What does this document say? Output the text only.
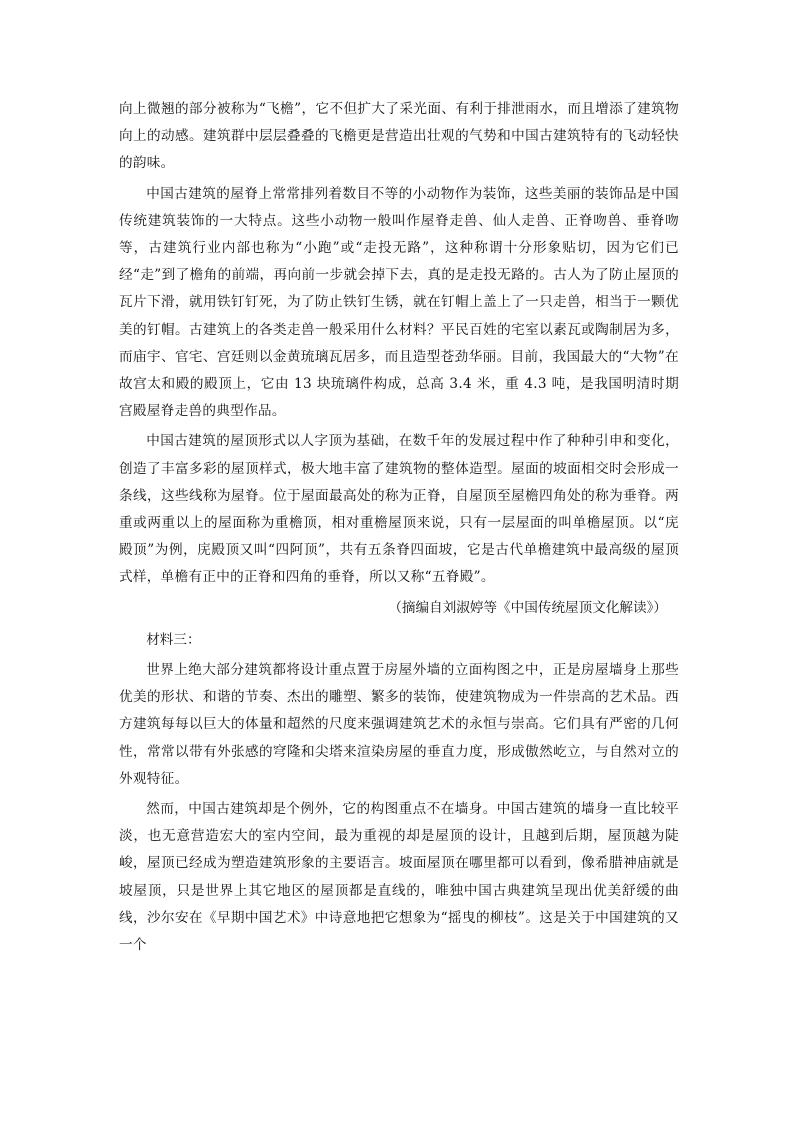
向上微翘的部分被称为“飞檐”，它不但扩大了采光面、有利于排泄雨水，而且增添了建筑物向上的动感。建筑群中层层叠叠的飞檐更是营造出壮观的气势和中国古建筑特有的飞动轻快的韵味。

中国古建筑的屋脊上常常排列着数目不等的小动物作为装饰，这些美丽的装饰品是中国传统建筑装饰的一大特点。这些小动物一般叫作屋脊走兽、仙人走兽、正脊吻兽、垂脊吻等，古建筑行业内部也称为“小跑”或“走投无路”，这种称谓十分形象贴切，因为它们已经“走”到了檐角的前端，再向前一步就会掉下去，真的是走投无路的。古人为了防止屋顶的瓦片下滑，就用铁钉钉死，为了防止铁钉生锈，就在钉帽上盖上了一只走兽，相当于一颗优美的钉帽。古建筑上的各类走兽一般采用什么材料？平民百姓的宅室以素瓦或陶制居为多，而庙宇、官宅、宫廷则以金黄琉璃瓦居多，而且造型苍劲华丽。目前，我国最大的“大物”在故宫太和殿的殿顶上，它由 13 块琉璃件构成，总高 3.4 米，重 4.3 吨，是我国明清时期宫殿屋脊走兽的典型作品。

中国古建筑的屋顶形式以人字顶为基础，在数千年的发展过程中作了种种引申和变化，创造了丰富多彩的屋顶样式，极大地丰富了建筑物的整体造型。屋面的坡面相交时会形成一条线，这些线称为屋脊。位于屋面最高处的称为正脊，自屋顶至屋檐四角处的称为垂脊。两重或两重以上的屋面称为重檐顶，相对重檐屋顶来说，只有一层屋面的叫单檐屋顶。以“庑殿顶”为例，庑殿顶又叫“四阿顶”，共有五条脊四面坡，它是古代单檐建筑中最高级的屋顶式样，单檐有正中的正脊和四角的垂脊，所以又称“五脊殿”。

（摘编自刘淑婷等《中国传统屋顶文化解读》）

材料三：

世界上绝大部分建筑都将设计重点置于房屋外墙的立面构图之中，正是房屋墙身上那些优美的形状、和谐的节奏、杰出的雕塑、繁多的装饰，使建筑物成为一件崇高的艺术品。西方建筑每每以巨大的体量和超然的尺度来强调建筑艺术的永恒与崇高。它们具有严密的几何性，常常以带有外张感的穹隆和尖塔来渲染房屋的垂直力度，形成傲然屹立，与自然对立的外观特征。

然而，中国古建筑却是个例外，它的构图重点不在墙身。中国古建筑的墙身一直比较平淡，也无意营造宏大的室内空间，最为重视的却是屋顶的设计，且越到后期，屋顶越为陡峻，屋顶已经成为塑造建筑形象的主要语言。坡面屋顶在哪里都可以看到，像希腊神庙就是坡屋顶，只是世界上其它地区的屋顶都是直线的，唯独中国古典建筑呈现出优美舒缓的曲线，沙尔安在《早期中国艺术》中诗意地把它想象为“摇曳的柳枝”。这是关于中国建筑的又一个
